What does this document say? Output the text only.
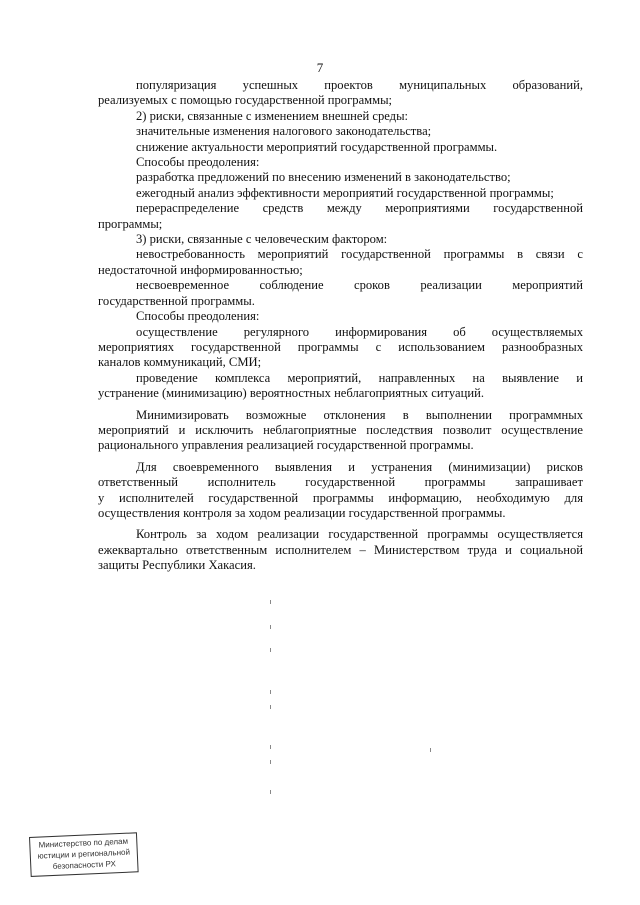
7
популяризация успешных проектов муниципальных образований,
реализуемых с помощью государственной программы;
2) риски, связанные с изменением внешней среды:
значительные изменения налогового законодательства;
снижение актуальности мероприятий государственной программы.
Способы преодоления:
разработка предложений по внесению изменений в законодательство;
ежегодный анализ эффективности мероприятий государственной программы;
перераспределение средств между мероприятиями государственной
программы;
3) риски, связанные с человеческим фактором:
невостребованность мероприятий государственной программы в связи с
недостаточной информированностью;
несвоевременное соблюдение сроков реализации мероприятий
государственной программы.
Способы преодоления:
осуществление регулярного информирования об осуществляемых
мероприятиях государственной программы с использованием разнообразных
каналов коммуникаций, СМИ;
проведение комплекса мероприятий, направленных на выявление и
устранение (минимизацию) вероятностных неблагоприятных ситуаций.
Минимизировать возможные отклонения в выполнении программных
мероприятий и исключить неблагоприятные последствия позволит осуществление
рационального управления реализацией государственной программы.
Для своевременного выявления и устранения (минимизации) рисков
ответственный исполнитель государственной программы запрашивает
у исполнителей государственной программы информацию, необходимую для
осуществления контроля за ходом реализации государственной программы.
Контроль за ходом реализации государственной программы осуществляется
ежеквартально ответственным исполнителем – Министерством труда и социальной
защиты Республики Хакасия.
Министерство по делам
юстиции и региональной
безопасности РХ
